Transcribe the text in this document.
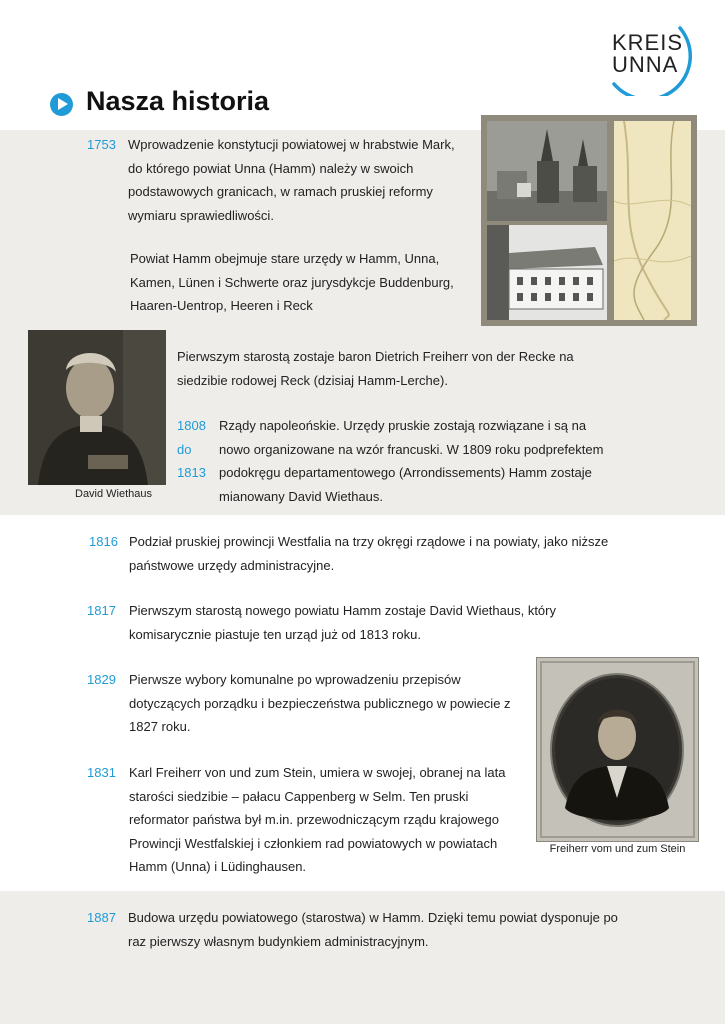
KREIS
UNNA
Nasza historia
1753 Wprowadzenie konstytucji powiatowej w hrabstwie Mark,
do którego powiat Unna (Hamm) należy w swoich
podstawowych granicach, w ramach pruskiej reformy
wymiaru sprawiedliwości.
Powiat Hamm obejmuje stare urzędy w Hamm, Unna,
Kamen, Lünen i Schwerte oraz jurysdykcje Buddenburg,
Haaren-Uentrop, Heeren i Reck
David Wiethaus
Pierwszym starostą zostaje baron Dietrich Freiherr von der Recke na
siedzibie rodowej Reck (dzisiaj Hamm-Lerche).
1808
do
1813
Rządy napoleońskie. Urzędy pruskie zostają rozwiązane i są na
nowo organizowane na wzór francuski. W 1809 roku podprefektem
podokręgu departamentowego (Arrondissements) Hamm zostaje
mianowany David Wiethaus.
1816 Podział pruskiej prowincji Westfalia na trzy okręgi rządowe i na powiaty, jako niższe
państwowe urzędy administracyjne.
1817 Pierwszym starostą nowego powiatu Hamm zostaje David Wiethaus, który
komisarycznie piastuje ten urząd już od 1813 roku.
1829 Pierwsze wybory komunalne po wprowadzeniu przepisów
dotyczących porządku i bezpieczeństwa publicznego w powiecie z
1827 roku.
Freiherr vom und zum Stein
1831 Karl Freiherr von und zum Stein, umiera w swojej, obranej na lata
starości siedzibie – pałacu Cappenberg w Selm. Ten pruski
reformator państwa był m.in. przewodniczącym rządu krajowego
Prowincji Westfalskiej i członkiem rad powiatowych w powiatach
Hamm (Unna) i Lüdinghausen.
1887 Budowa urzędu powiatowego (starostwa) w Hamm. Dzięki temu powiat dysponuje po
raz pierwszy własnym budynkiem administracyjnym.
